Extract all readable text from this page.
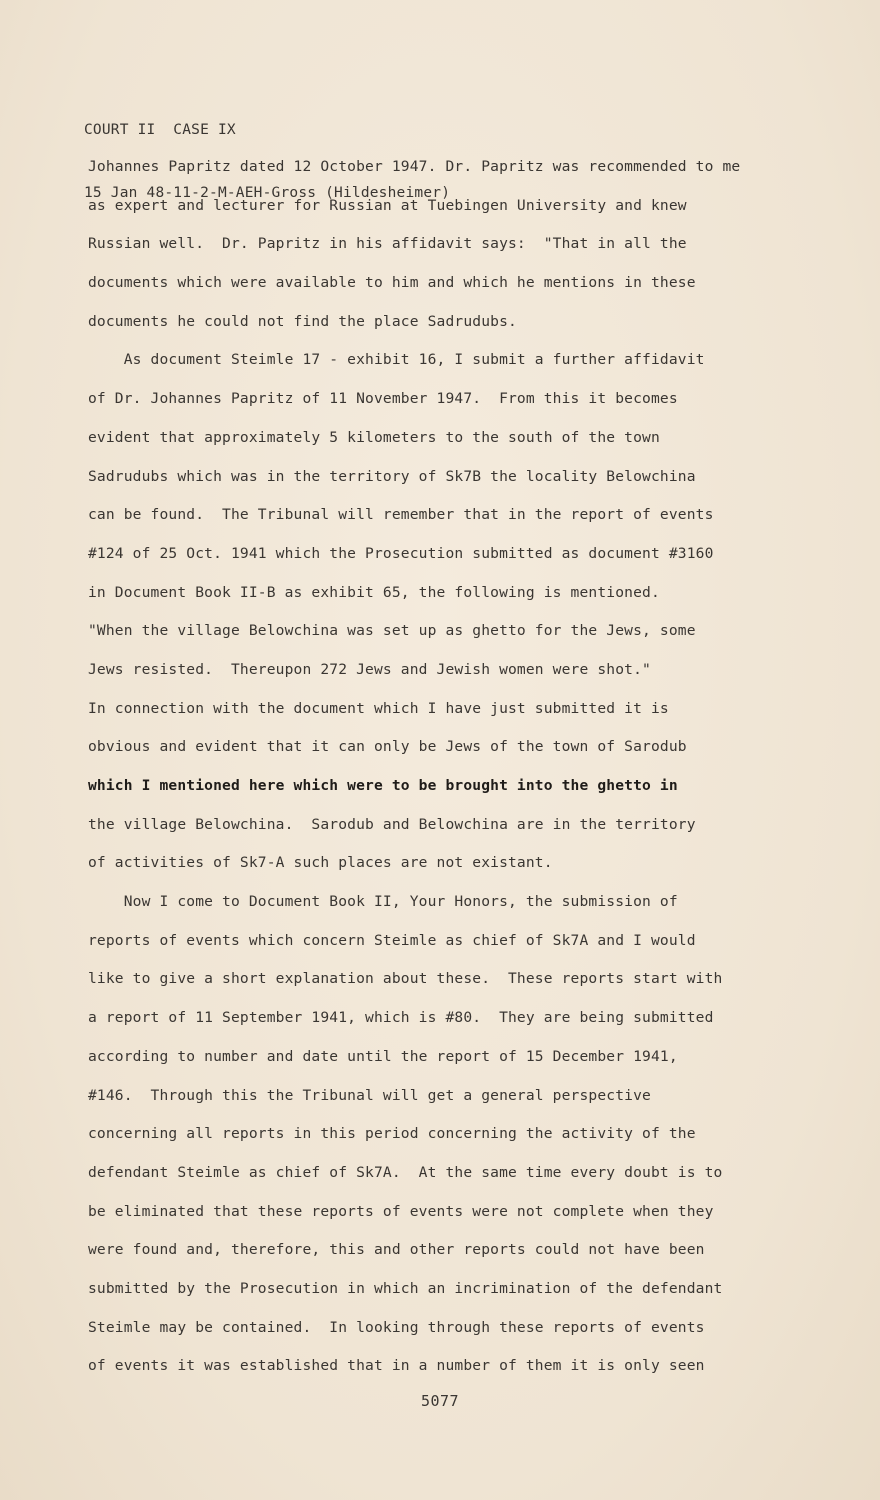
COURT II  CASE IX

15 Jan 48-11-2-M-AEH-Gross (Hildesheimer)

Johannes Papritz dated 12 October 1947. Dr. Papritz was recommended to me
as expert and lecturer for Russian at Tuebingen University and knew
Russian well.  Dr. Papritz in his affidavit says:  "That in all the
documents which were available to him and which he mentions in these
documents he could not find the place Sadrudubs.
As document Steimle 17 - exhibit 16, I submit a further affidavit
of Dr. Johannes Papritz of 11 November 1947.  From this it becomes
evident that approximately 5 kilometers to the south of the town
Sadrudubs which was in the territory of Sk7B the locality Belowchina
can be found.  The Tribunal will remember that in the report of events
#124 of 25 Oct. 1941 which the Prosecution submitted as document #3160
in Document Book II-B as exhibit 65, the following is mentioned.
"When the village Belowchina was set up as ghetto for the Jews, some
Jews resisted.  Thereupon 272 Jews and Jewish women were shot."
In connection with the document which I have just submitted it is
obvious and evident that it can only be Jews of the town of Sarodub
which I mentioned here which were to be brought into the ghetto in
the village Belowchina.  Sarodub and Belowchina are in the territory
of activities of Sk7-A such places are not existant.
Now I come to Document Book II, Your Honors, the submission of
reports of events which concern Steimle as chief of Sk7A and I would
like to give a short explanation about these.  These reports start with
a report of 11 September 1941, which is #80.  They are being submitted
according to number and date until the report of 15 December 1941,
#146.  Through this the Tribunal will get a general perspective
concerning all reports in this period concerning the activity of the
defendant Steimle as chief of Sk7A.  At the same time every doubt is to
be eliminated that these reports of events were not complete when they
were found and, therefore, this and other reports could not have been
submitted by the Prosecution in which an incrimination of the defendant
Steimle may be contained.  In looking through these reports of events
of events it was established that in a number of them it is only seen
5077
